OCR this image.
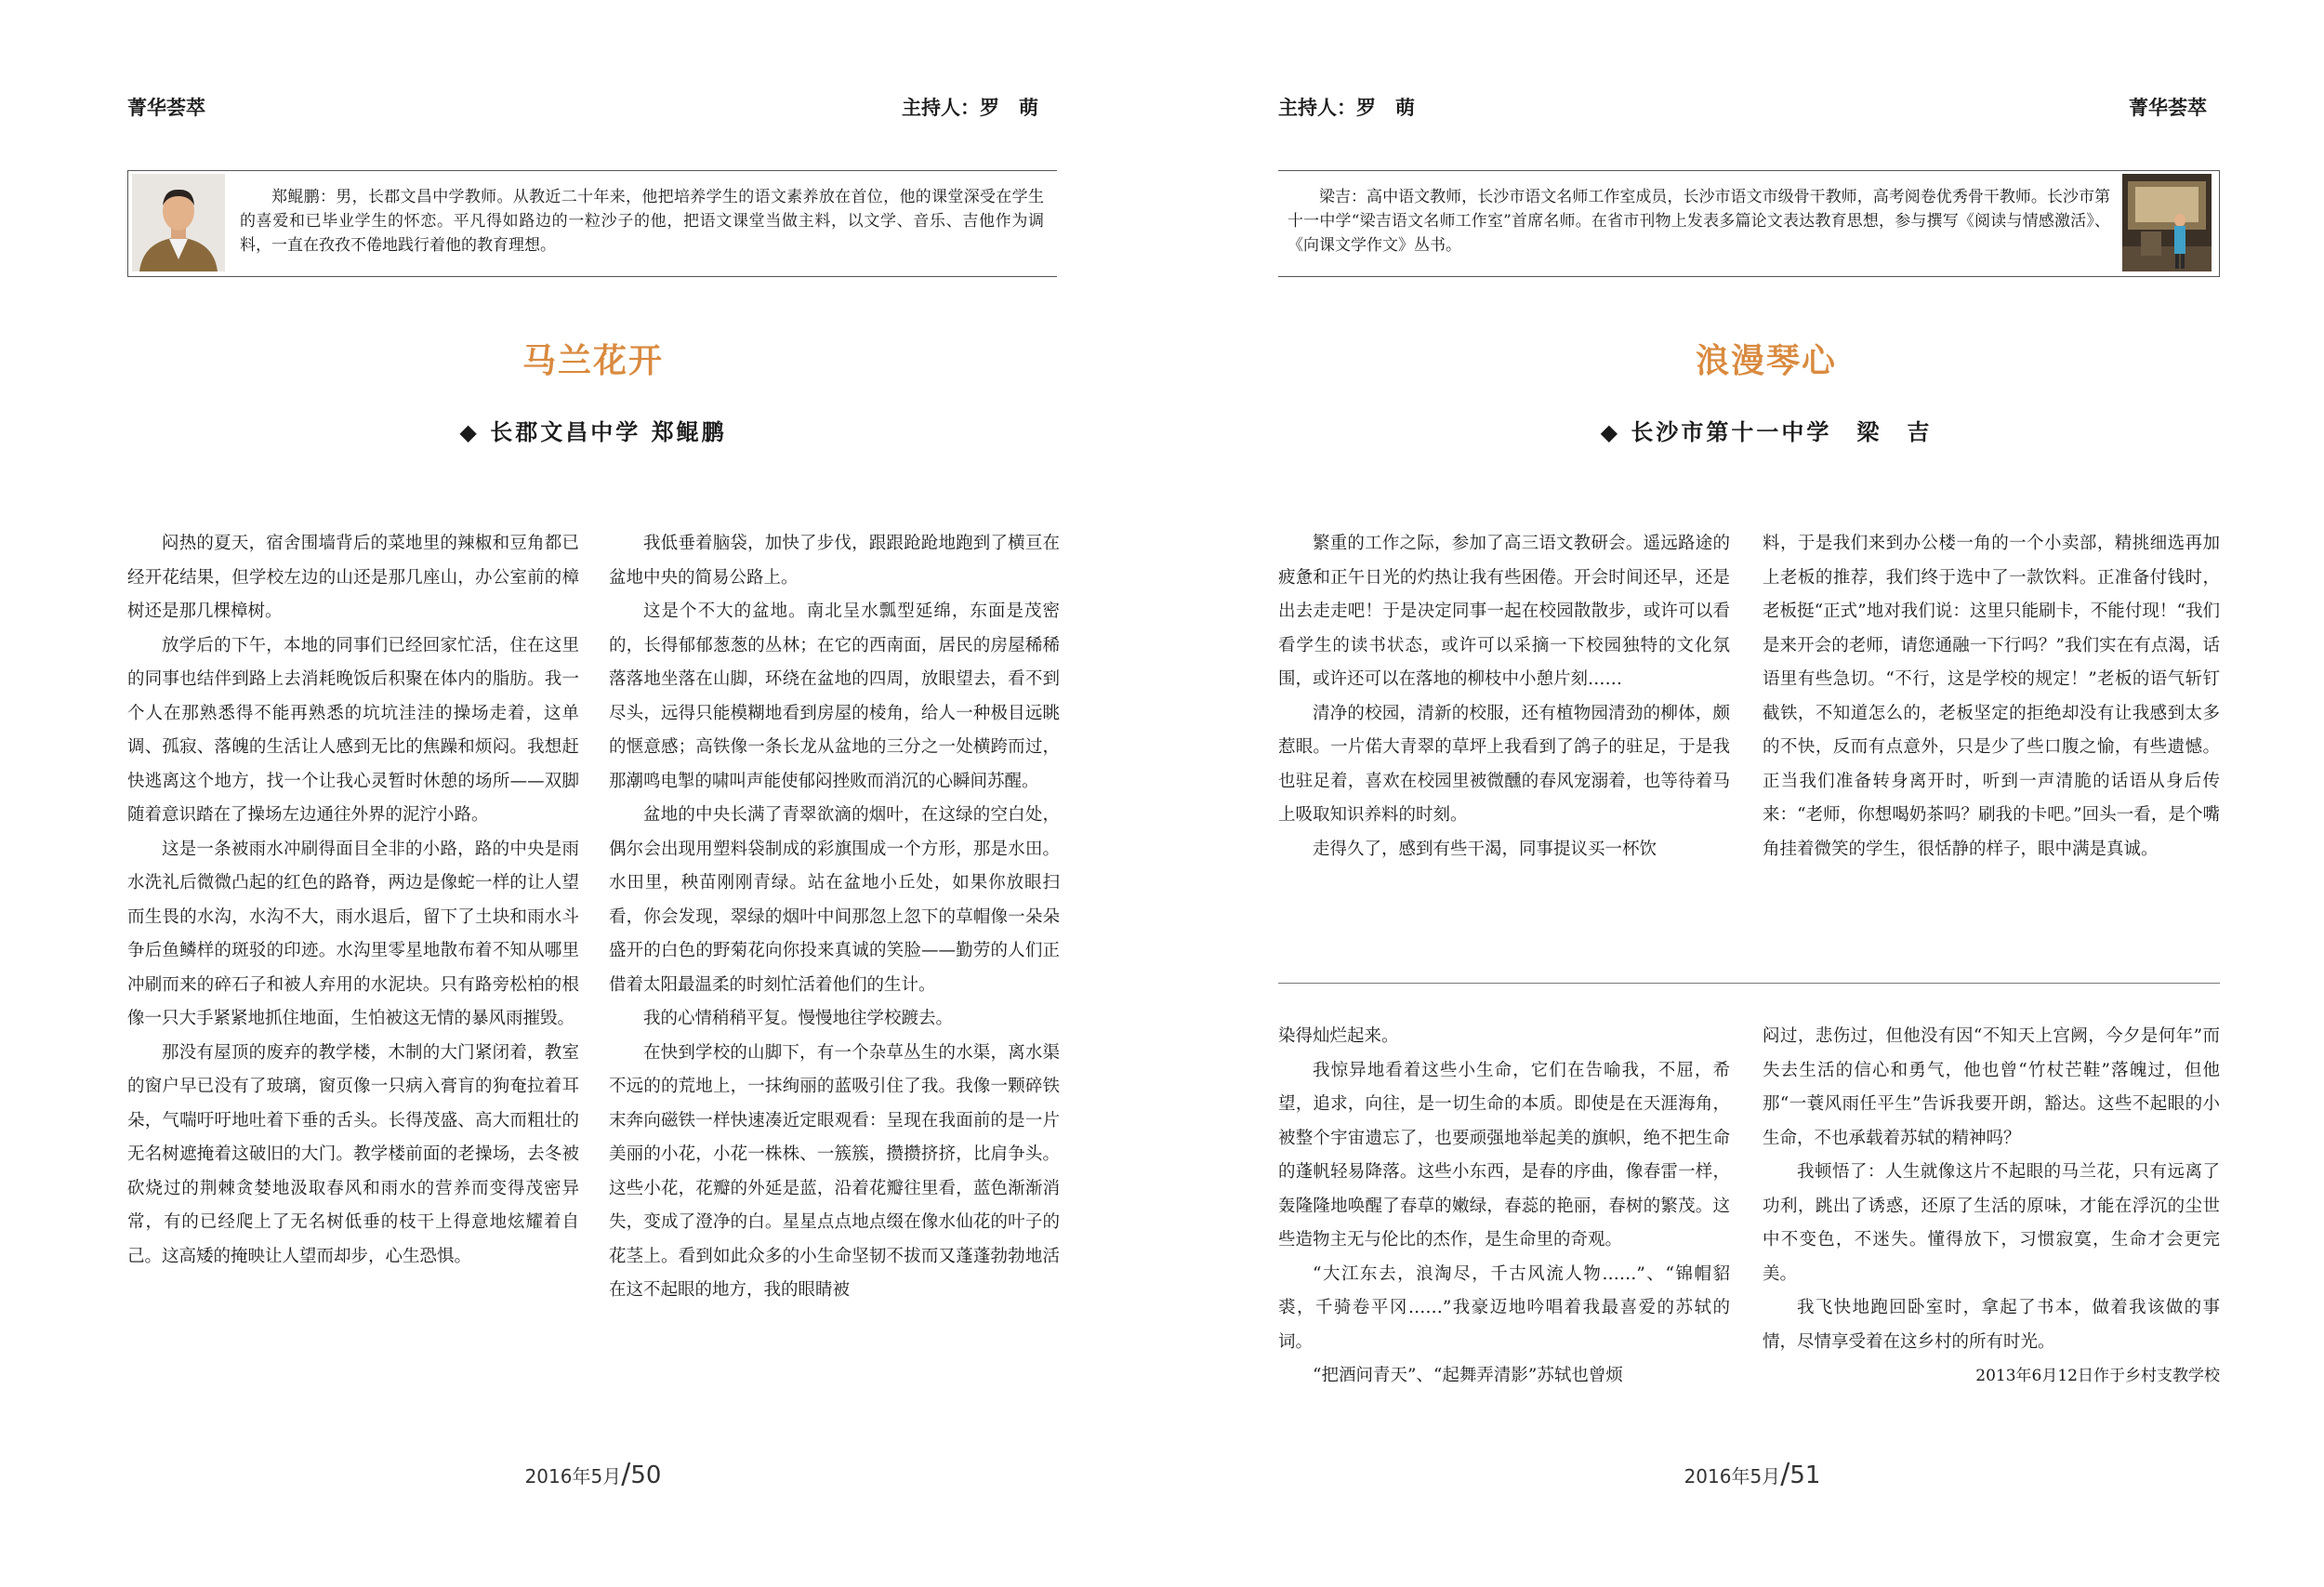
菁华荟萃	主持人：罗　萌
郑鲲鹏：男，长郡文昌中学教师。从教近二十年来，他把培养学生的语文素养放在首位，他的课堂深受在学生的喜爱和已毕业学生的怀恋。平凡得如路边的一粒沙子的他，把语文课堂当做主料，以文学、音乐、吉他作为调料，一直在孜孜不倦地践行着他的教育理想。
马兰花开
◆ 长郡文昌中学 郑鲲鹏

闷热的夏天，宿舍围墙背后的菜地里的辣椒和豆角都已经开花结果，但学校左边的山还是那几座山，办公室前的樟树还是那几棵樟树。

放学后的下午，本地的同事们已经回家忙活，住在这里的同事也结伴到路上去消耗晚饭后积聚在体内的脂肪。我一个人在那熟悉得不能再熟悉的坑坑洼洼的操场走着，这单调、孤寂、落魄的生活让人感到无比的焦躁和烦闷。我想赶快逃离这个地方，找一个让我心灵暂时休憩的场所——双脚随着意识踏在了操场左边通往外界的泥泞小路。

这是一条被雨水冲刷得面目全非的小路，路的中央是雨水洗礼后微微凸起的红色的路脊，两边是像蛇一样的让人望而生畏的水沟，水沟不大，雨水退后，留下了土块和雨水斗争后鱼鳞样的斑驳的印迹。水沟里零星地散布着不知从哪里冲刷而来的碎石子和被人弃用的水泥块。只有路旁松柏的根像一只大手紧紧地抓住地面，生怕被这无情的暴风雨摧毁。

那没有屋顶的废弃的教学楼，木制的大门紧闭着，教室的窗户早已没有了玻璃，窗页像一只病入膏肓的狗奄拉着耳朵，气喘吁吁地吐着下垂的舌头。长得茂盛、高大而粗壮的无名树遮掩着这破旧的大门。教学楼前面的老操场，去冬被砍烧过的荆棘贪婪地汲取春风和雨水的营养而变得茂密异常，有的已经爬上了无名树低垂的枝干上得意地炫耀着自己。这高矮的掩映让人望而却步，心生恐惧。

我低垂着脑袋，加快了步伐，跟跟跄跄地跑到了横亘在盆地中央的简易公路上。

这是个不大的盆地。南北呈水瓢型延绵，东面是茂密的，长得郁郁葱葱的丛林；在它的西南面，居民的房屋稀稀落落地坐落在山脚，环绕在盆地的四周，放眼望去，看不到尽头，远得只能模糊地看到房屋的棱角，给人一种极目远眺的惬意感；高铁像一条长龙从盆地的三分之一处横跨而过，那潮鸣电掣的啸叫声能使郁闷挫败而消沉的心瞬间苏醒。

盆地的中央长满了青翠欲滴的烟叶，在这绿的空白处，偶尔会出现用塑料袋制成的彩旗围成一个方形，那是水田。水田里，秧苗刚刚青绿。站在盆地小丘处，如果你放眼扫看，你会发现，翠绿的烟叶中间那忽上忽下的草帽像一朵朵盛开的白色的野菊花向你投来真诚的笑脸——勤劳的人们正借着太阳最温柔的时刻忙活着他们的生计。

我的心情稍稍平复。慢慢地往学校踱去。

在快到学校的山脚下，有一个杂草丛生的水渠，离水渠不远的的荒地上，一抹绚丽的蓝吸引住了我。我像一颗碎铁末奔向磁铁一样快速凑近定眼观看：呈现在我面前的是一片美丽的小花，小花一株株、一簇簇，攒攒挤挤，比肩争头。这些小花，花瓣的外延是蓝，沿着花瓣往里看，蓝色渐渐消失，变成了澄净的白。星星点点地点缀在像水仙花的叶子的花茎上。看到如此众多的小生命坚韧不拔而又蓬蓬勃勃地活在这不起眼的地方，我的眼睛被

2016年5月/50
主持人：罗　萌	菁华荟萃
梁吉：高中语文教师，长沙市语文名师工作室成员，长沙市语文市级骨干教师，高考阅卷优秀骨干教师。长沙市第十一中学“梁吉语文名师工作室”首席名师。在省市刊物上发表多篇论文表达教育思想，参与撰写《阅读与情感激活》、《向课文学作文》丛书。
浪漫琴心
◆ 长沙市第十一中学　梁　吉

繁重的工作之际，参加了高三语文教研会。遥远路途的疲惫和正午日光的灼热让我有些困倦。开会时间还早，还是出去走走吧！于是决定同事一起在校园散散步，或许可以看看学生的读书状态，或许可以采摘一下校园独特的文化氛围，或许还可以在落地的柳枝中小憩片刻……

清净的校园，清新的校服，还有植物园清劲的柳体，颇惹眼。一片偌大青翠的草坪上我看到了鸽子的驻足，于是我也驻足着，喜欢在校园里被微醺的春风宠溺着，也等待着马上吸取知识养料的时刻。

走得久了，感到有些干渴，同事提议买一杯饮

料，于是我们来到办公楼一角的一个小卖部，精挑细选再加上老板的推荐，我们终于选中了一款饮料。正准备付钱时，老板挺“正式”地对我们说：这里只能刷卡，不能付现！“我们是来开会的老师，请您通融一下行吗？”我们实在有点渴，话语里有些急切。“不行，这是学校的规定！”老板的语气斩钉截铁，不知道怎么的，老板坚定的拒绝却没有让我感到太多的不快，反而有点意外，只是少了些口腹之愉，有些遗憾。正当我们准备转身离开时，听到一声清脆的话语从身后传来：“老师，你想喝奶茶吗？刷我的卡吧。”回头一看，是个嘴角挂着微笑的学生，很恬静的样子，眼中满是真诚。

染得灿烂起来。

我惊异地看着这些小生命，它们在告喻我，不屈，希望，追求，向往，是一切生命的本质。即使是在天涯海角，被整个宇宙遗忘了，也要顽强地举起美的旗帜，绝不把生命的蓬帆轻易降落。这些小东西，是春的序曲，像春雷一样，轰隆隆地唤醒了春草的嫩绿，春蕊的艳丽，春树的繁茂。这些造物主无与伦比的杰作，是生命里的奇观。

“大江东去，浪淘尽，千古风流人物……”、“锦帽貂裘，千骑卷平冈……”我豪迈地吟唱着我最喜爱的苏轼的词。

“把酒问青天”、“起舞弄清影”苏轼也曾烦

闷过，悲伤过，但他没有因“不知天上宫阙，今夕是何年”而失去生活的信心和勇气，他也曾“竹杖芒鞋”落魄过，但他那“一蓑风雨任平生”告诉我要开朗，豁达。这些不起眼的小生命，不也承载着苏轼的精神吗？

我顿悟了：人生就像这片不起眼的马兰花，只有远离了功利，跳出了诱惑，还原了生活的原味，才能在浮沉的尘世中不变色，不迷失。懂得放下，习惯寂寞，生命才会更完美。

我飞快地跑回卧室时，拿起了书本，做着我该做的事情，尽情享受着在这乡村的所有时光。

2013年6月12日作于乡村支教学校

2016年5月/51
